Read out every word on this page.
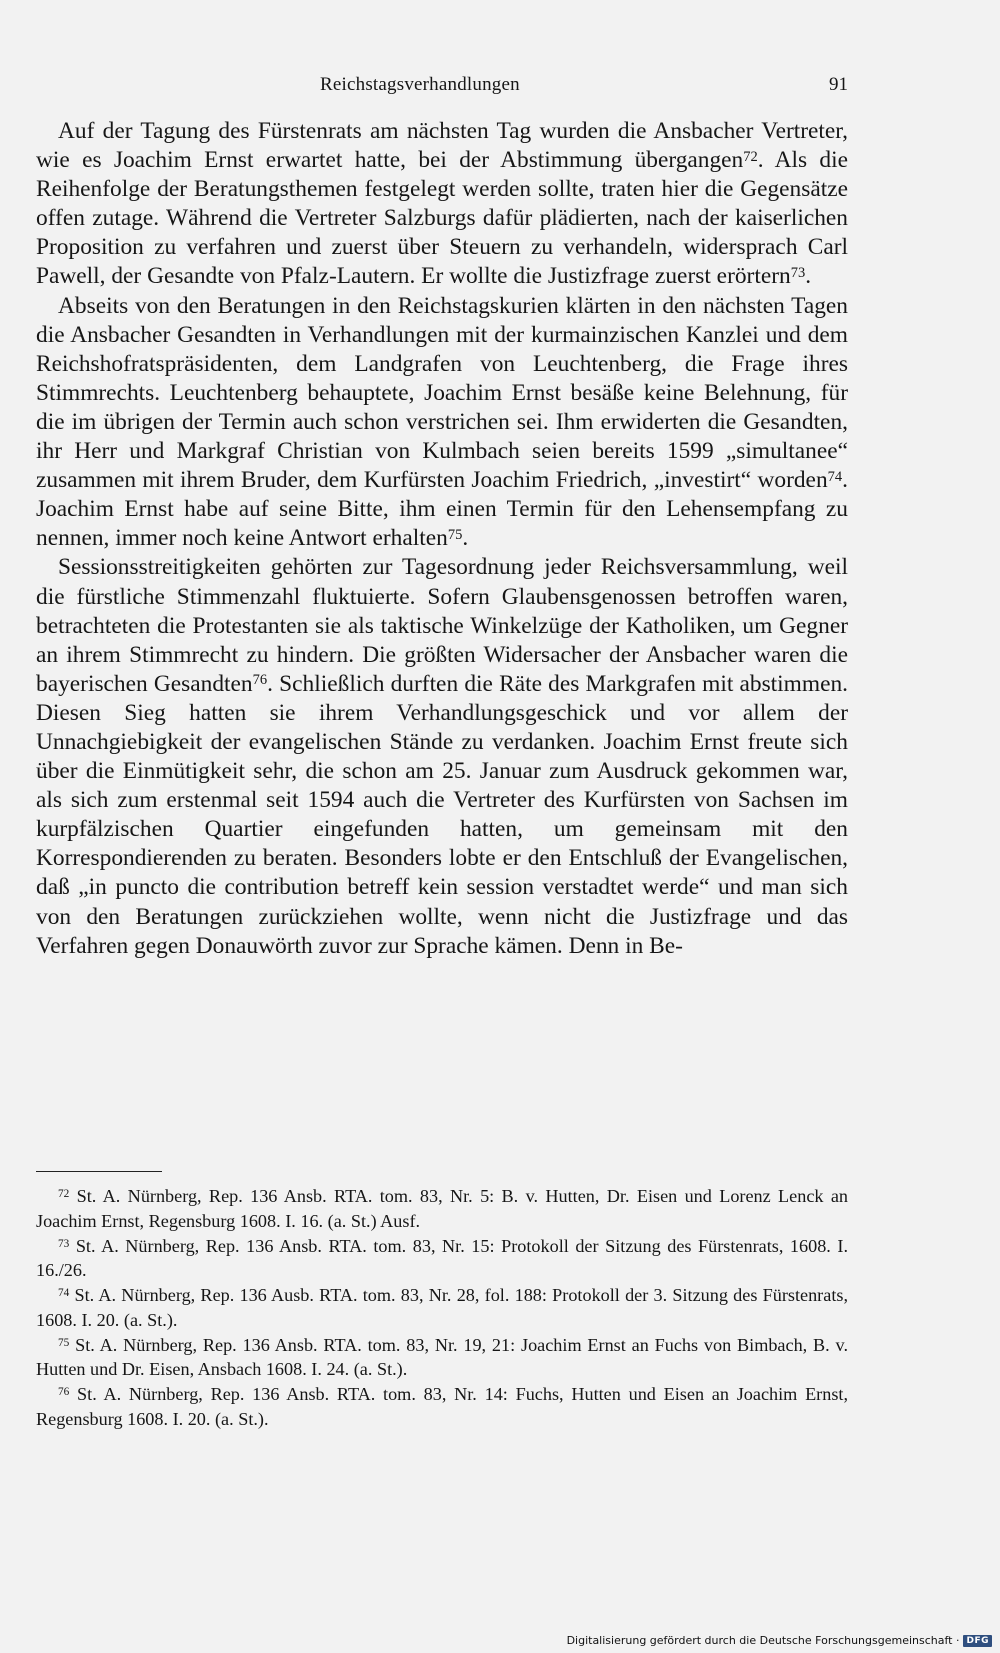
Reichstagsverhandlungen	91

Auf der Tagung des Fürstenrats am nächsten Tag wurden die Ansbacher Vertreter, wie es Joachim Ernst erwartet hatte, bei der Abstimmung übergangen$^{72}$. Als die Reihenfolge der Beratungsthemen festgelegt werden sollte, traten hier die Gegensätze offen zutage. Während die Vertreter Salzburgs dafür plädierten, nach der kaiserlichen Proposition zu verfahren und zuerst über Steuern zu verhandeln, widersprach Carl Pawell, der Gesandte von Pfalz-Lautern. Er wollte die Justizfrage zuerst erörtern$^{73}$.

Abseits von den Beratungen in den Reichstagskurien klärten in den nächsten Tagen die Ansbacher Gesandten in Verhandlungen mit der kurmainzischen Kanzlei und dem Reichshofratspräsidenten, dem Landgrafen von Leuchtenberg, die Frage ihres Stimmrechts. Leuchtenberg behauptete, Joachim Ernst besäße keine Belehnung, für die im übrigen der Termin auch schon verstrichen sei. Ihm erwiderten die Gesandten, ihr Herr und Markgraf Christian von Kulmbach seien bereits 1599 „simultanee“ zusammen mit ihrem Bruder, dem Kurfürsten Joachim Friedrich, „investirt“ worden$^{74}$. Joachim Ernst habe auf seine Bitte, ihm einen Termin für den Lehensempfang zu nennen, immer noch keine Antwort erhalten$^{75}$.

Sessionsstreitigkeiten gehörten zur Tagesordnung jeder Reichsversammlung, weil die fürstliche Stimmenzahl fluktuierte. Sofern Glaubensgenossen betroffen waren, betrachteten die Protestanten sie als taktische Winkelzüge der Katholiken, um Gegner an ihrem Stimmrecht zu hindern. Die größten Widersacher der Ansbacher waren die bayerischen Gesandten$^{76}$. Schließlich durften die Räte des Markgrafen mit abstimmen. Diesen Sieg hatten sie ihrem Verhandlungsgeschick und vor allem der Unnachgiebigkeit der evangelischen Stände zu verdanken. Joachim Ernst freute sich über die Einmütigkeit sehr, die schon am 25. Januar zum Ausdruck gekommen war, als sich zum erstenmal seit 1594 auch die Vertreter des Kurfürsten von Sachsen im kurpfälzischen Quartier eingefunden hatten, um gemeinsam mit den Korrespondierenden zu beraten. Besonders lobte er den Entschluß der Evangelischen, daß „in puncto die contribution betreff kein session verstadtet werde“ und man sich von den Beratungen zurückziehen wollte, wenn nicht die Justizfrage und das Verfahren gegen Donauwörth zuvor zur Sprache kämen. Denn in Be-

$^{72}$ St. A. Nürnberg, Rep. 136 Ansb. RTA. tom. 83, Nr. 5: B. v. Hutten, Dr. Eisen und Lorenz Lenck an Joachim Ernst, Regensburg 1608. I. 16. (a. St.) Ausf.

$^{73}$ St. A. Nürnberg, Rep. 136 Ansb. RTA. tom. 83, Nr. 15: Protokoll der Sitzung des Fürstenrats, 1608. I. 16./26.

$^{74}$ St. A. Nürnberg, Rep. 136 Ausb. RTA. tom. 83, Nr. 28, fol. 188: Protokoll der 3. Sitzung des Fürstenrats, 1608. I. 20. (a. St.).

$^{75}$ St. A. Nürnberg, Rep. 136 Ansb. RTA. tom. 83, Nr. 19, 21: Joachim Ernst an Fuchs von Bimbach, B. v. Hutten und Dr. Eisen, Ansbach 1608. I. 24. (a. St.).

$^{76}$ St. A. Nürnberg, Rep. 136 Ansb. RTA. tom. 83, Nr. 14: Fuchs, Hutten und Eisen an Joachim Ernst, Regensburg 1608. I. 20. (a. St.).

Digitalisierung gefördert durch die Deutsche Forschungsgemeinschaft · DFG
